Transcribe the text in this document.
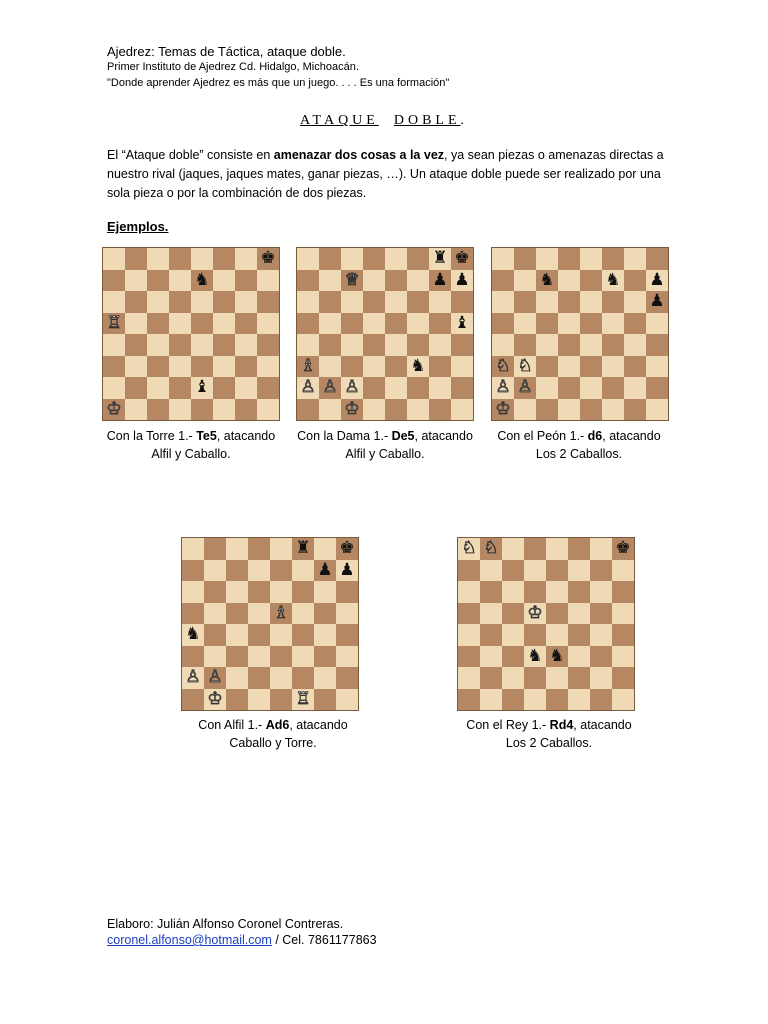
Ajedrez: Temas de Táctica, ataque doble.
Primer Instituto de Ajedrez Cd. Hidalgo, Michoacán.
"Donde aprender Ajedrez es más que un juego. . . . Es una formación"
ATAQUE DOBLE.
El “Ataque doble” consiste en amenazar dos cosas a la vez, ya sean piezas o amenazas directas a nuestro rival (jaques, jaques mates, ganar piezas, …). Un ataque doble puede ser realizado por una sola pieza o por la combinación de dos piezas.
Ejemplos.
♚
♞
♖
♝
♔
♜ ♚
♕	♟ ♟
♝
♗	♞
♙ ♙ ♙
♔
♞	♞ ♟
♟
♘ ♘
♙ ♙
♔
♜ ♚
♟ ♟
♗
♞
♙ ♙
♔	♖
♘ ♘	♚
♔
♞ ♞
Con la Torre 1.- Te5, atacando
Alfil y Caballo.
Con la Dama 1.- De5, atacando
Alfil y Caballo.
Con el Peón 1.- d6, atacando
Los 2 Caballos.
Con Alfil 1.- Ad6, atacando
Caballo y Torre.
Con el Rey 1.- Rd4, atacando
Los 2 Caballos.
Elaboro: Julián Alfonso Coronel Contreras.
coronel.alfonso@hotmail.com / Cel. 7861177863
